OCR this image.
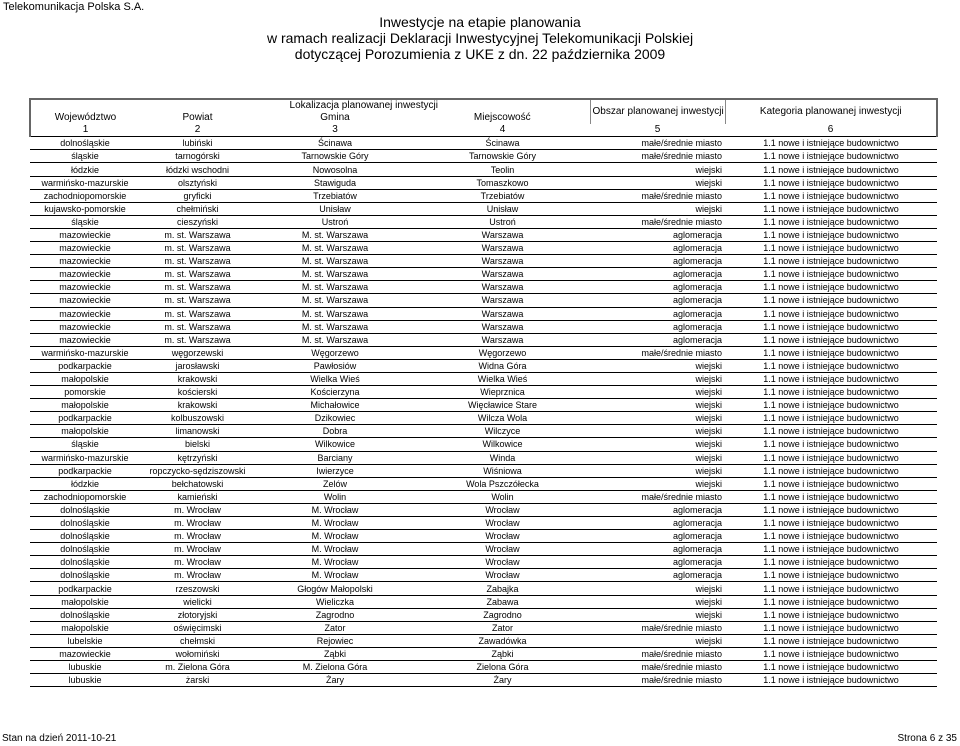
Telekomunikacja Polska S.A.
Inwestycje na etapie planowania
w ramach realizacji Deklaracji Inwestycyjnej Telekomunikacji Polskiej
dotyczącej Porozumienia z UKE z dn. 22 października 2009
	Lokalizacja planowanej inwestycji			Obszar planowanej inwestycji	Kategoria planowanej inwestycji
Województwo	Powiat	Gmina	Miejscowość		
1	2	3	4	5	6
dolnośląskie	lubiński	Ścinawa	Ścinawa	małe/średnie miasto	1.1 nowe i istniejące budownictwo
śląskie	tarnogórski	Tarnowskie Góry	Tarnowskie Góry	małe/średnie miasto	1.1 nowe i istniejące budownictwo
łódzkie	łódzki wschodni	Nowosolna	Teolin	wiejski	1.1 nowe i istniejące budownictwo
warmińsko-mazurskie	olsztyński	Stawiguda	Tomaszkowo	wiejski	1.1 nowe i istniejące budownictwo
zachodniopomorskie	gryficki	Trzebiatów	Trzebiatów	małe/średnie miasto	1.1 nowe i istniejące budownictwo
kujawsko-pomorskie	chełmiński	Unisław	Unisław	wiejski	1.1 nowe i istniejące budownictwo
śląskie	cieszyński	Ustroń	Ustroń	małe/średnie miasto	1.1 nowe i istniejące budownictwo
mazowieckie	m. st. Warszawa	M. st. Warszawa	Warszawa	aglomeracja	1.1 nowe i istniejące budownictwo
mazowieckie	m. st. Warszawa	M. st. Warszawa	Warszawa	aglomeracja	1.1 nowe i istniejące budownictwo
mazowieckie	m. st. Warszawa	M. st. Warszawa	Warszawa	aglomeracja	1.1 nowe i istniejące budownictwo
mazowieckie	m. st. Warszawa	M. st. Warszawa	Warszawa	aglomeracja	1.1 nowe i istniejące budownictwo
mazowieckie	m. st. Warszawa	M. st. Warszawa	Warszawa	aglomeracja	1.1 nowe i istniejące budownictwo
mazowieckie	m. st. Warszawa	M. st. Warszawa	Warszawa	aglomeracja	1.1 nowe i istniejące budownictwo
mazowieckie	m. st. Warszawa	M. st. Warszawa	Warszawa	aglomeracja	1.1 nowe i istniejące budownictwo
mazowieckie	m. st. Warszawa	M. st. Warszawa	Warszawa	aglomeracja	1.1 nowe i istniejące budownictwo
mazowieckie	m. st. Warszawa	M. st. Warszawa	Warszawa	aglomeracja	1.1 nowe i istniejące budownictwo
warmińsko-mazurskie	węgorzewski	Węgorzewo	Węgorzewo	małe/średnie miasto	1.1 nowe i istniejące budownictwo
podkarpackie	jarosławski	Pawłosiów	Widna Góra	wiejski	1.1 nowe i istniejące budownictwo
małopolskie	krakowski	Wielka Wieś	Wielka Wieś	wiejski	1.1 nowe i istniejące budownictwo
pomorskie	kościerski	Kościerzyna	Wieprznica	wiejski	1.1 nowe i istniejące budownictwo
małopolskie	krakowski	Michałowice	Więcławice Stare	wiejski	1.1 nowe i istniejące budownictwo
podkarpackie	kolbuszowski	Dzikowiec	Wilcza Wola	wiejski	1.1 nowe i istniejące budownictwo
małopolskie	limanowski	Dobra	Wilczyce	wiejski	1.1 nowe i istniejące budownictwo
śląskie	bielski	Wilkowice	Wilkowice	wiejski	1.1 nowe i istniejące budownictwo
warmińsko-mazurskie	kętrzyński	Barciany	Winda	wiejski	1.1 nowe i istniejące budownictwo
podkarpackie	ropczycko-sędziszowski	Iwierzyce	Wiśniowa	wiejski	1.1 nowe i istniejące budownictwo
łódzkie	bełchatowski	Zelów	Wola Pszczółecka	wiejski	1.1 nowe i istniejące budownictwo
zachodniopomorskie	kamieński	Wolin	Wolin	małe/średnie miasto	1.1 nowe i istniejące budownictwo
dolnośląskie	m. Wrocław	M. Wrocław	Wrocław	aglomeracja	1.1 nowe i istniejące budownictwo
dolnośląskie	m. Wrocław	M. Wrocław	Wrocław	aglomeracja	1.1 nowe i istniejące budownictwo
dolnośląskie	m. Wrocław	M. Wrocław	Wrocław	aglomeracja	1.1 nowe i istniejące budownictwo
dolnośląskie	m. Wrocław	M. Wrocław	Wrocław	aglomeracja	1.1 nowe i istniejące budownictwo
dolnośląskie	m. Wrocław	M. Wrocław	Wrocław	aglomeracja	1.1 nowe i istniejące budownictwo
dolnośląskie	m. Wrocław	M. Wrocław	Wrocław	aglomeracja	1.1 nowe i istniejące budownictwo
podkarpackie	rzeszowski	Głogów Małopolski	Zabajka	wiejski	1.1 nowe i istniejące budownictwo
małopolskie	wielicki	Wieliczka	Zabawa	wiejski	1.1 nowe i istniejące budownictwo
dolnośląskie	złotoryjski	Zagrodno	Zagrodno	wiejski	1.1 nowe i istniejące budownictwo
małopolskie	oświęcimski	Zator	Zator	małe/średnie miasto	1.1 nowe i istniejące budownictwo
lubelskie	chełmski	Rejowiec	Zawadówka	wiejski	1.1 nowe i istniejące budownictwo
mazowieckie	wołomiński	Ząbki	Ząbki	małe/średnie miasto	1.1 nowe i istniejące budownictwo
lubuskie	m. Zielona Góra	M. Zielona Góra	Zielona Góra	małe/średnie miasto	1.1 nowe i istniejące budownictwo
lubuskie	żarski	Żary	Żary	małe/średnie miasto	1.1 nowe i istniejące budownictwo
Stan na dzień 2011-10-21	Strona 6 z 35
